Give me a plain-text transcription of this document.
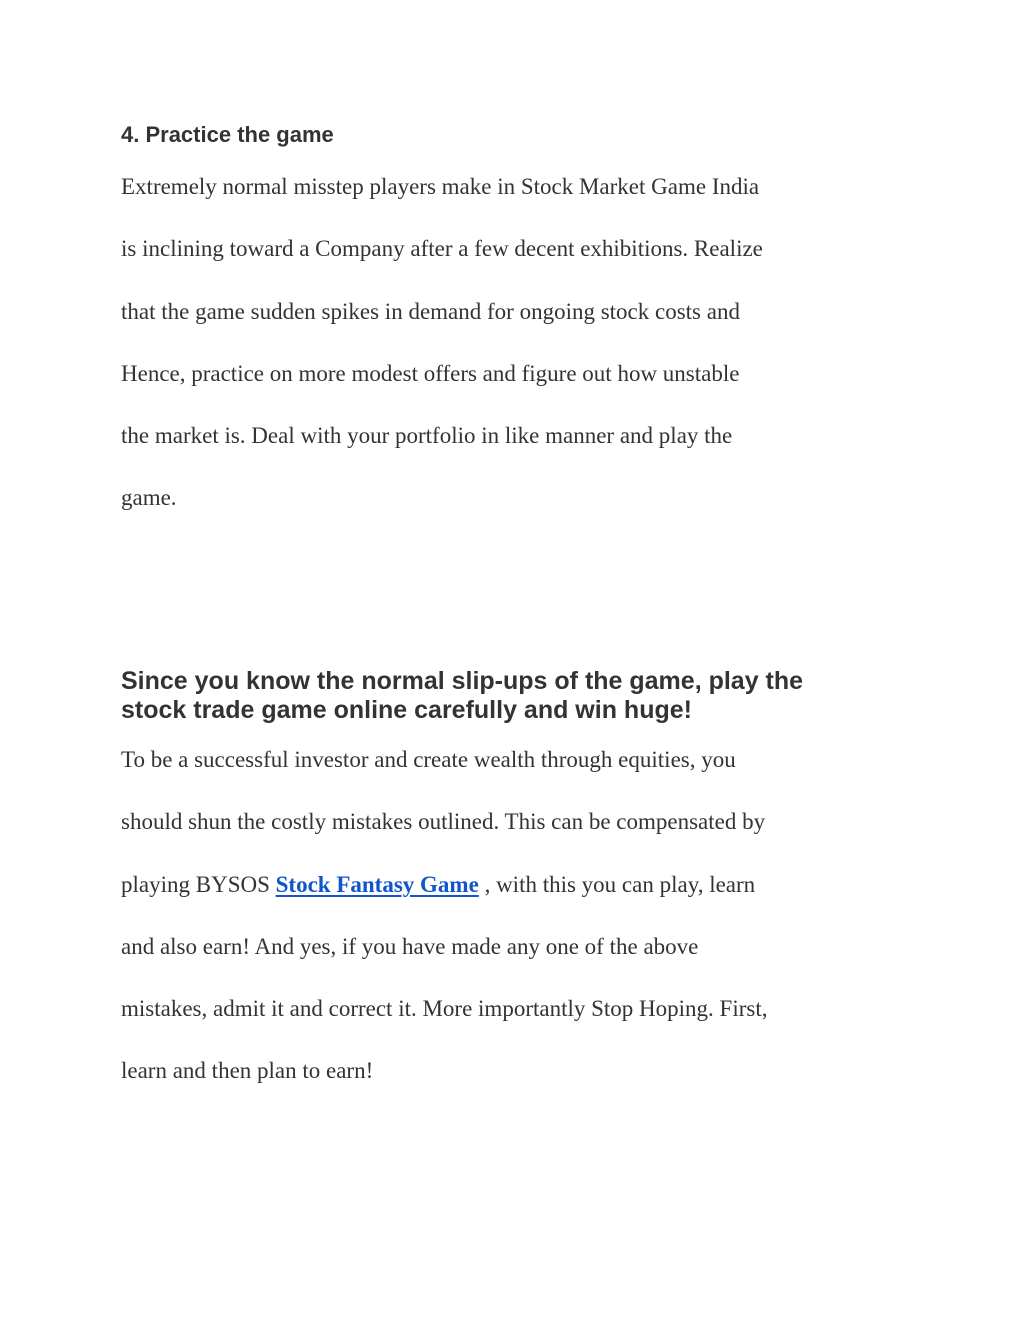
4. Practice the game
Extremely normal misstep players make in Stock Market Game India
is inclining toward a Company after a few decent exhibitions. Realize
that the game sudden spikes in demand for ongoing stock costs and
Hence, practice on more modest offers and figure out how unstable
the market is. Deal with your portfolio in like manner and play the
game.
Since you know the normal slip-ups of the game, play the
stock trade game online carefully and win huge!
To be a successful investor and create wealth through equities, you
should shun the costly mistakes outlined. This can be compensated by
playing BYSOS Stock Fantasy Game , with this you can play, learn
and also earn! And yes, if you have made any one of the above
mistakes, admit it and correct it. More importantly Stop Hoping. First,
learn and then plan to earn!
